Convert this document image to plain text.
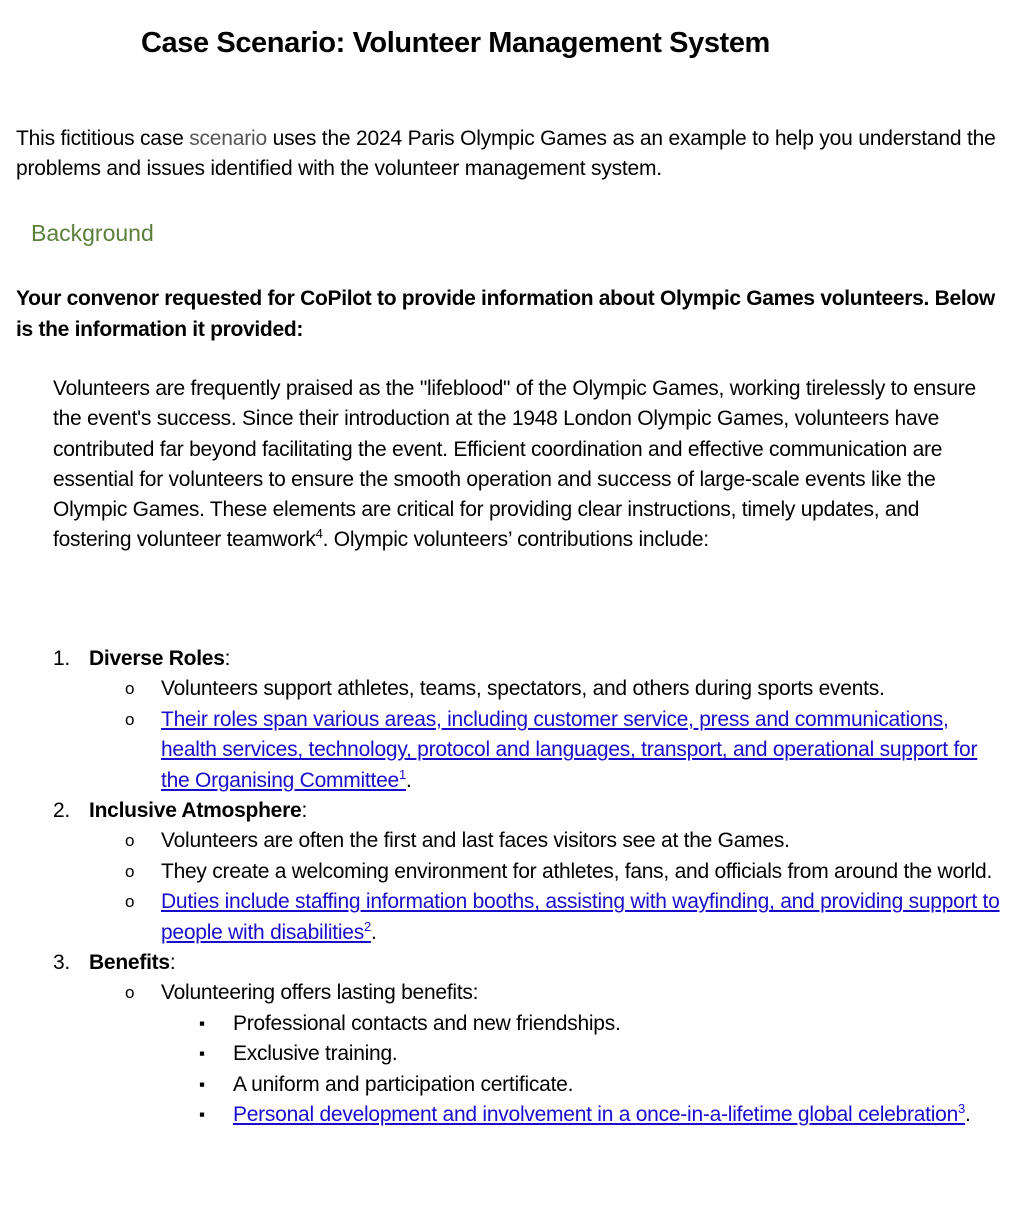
Case Scenario: Volunteer Management System
This fictitious case scenario uses the 2024 Paris Olympic Games as an example to help you understand the problems and issues identified with the volunteer management system.
Background
Your convenor requested for CoPilot to provide information about Olympic Games volunteers. Below is the information it provided:
Volunteers are frequently praised as the "lifeblood" of the Olympic Games, working tirelessly to ensure the event's success. Since their introduction at the 1948 London Olympic Games, volunteers have contributed far beyond facilitating the event. Efficient coordination and effective communication are essential for volunteers to ensure the smooth operation and success of large-scale events like the Olympic Games. These elements are critical for providing clear instructions, timely updates, and fostering volunteer teamwork$^4$. Olympic volunteers’ contributions include:
1. Diverse Roles:
o Volunteers support athletes, teams, spectators, and others during sports events.
o Their roles span various areas, including customer service, press and communications, health services, technology, protocol and languages, transport, and operational support for the Organising Committee$^1$.
2. Inclusive Atmosphere:
o Volunteers are often the first and last faces visitors see at the Games.
o They create a welcoming environment for athletes, fans, and officials from around the world.
o Duties include staffing information booths, assisting with wayfinding, and providing support to people with disabilities$^2$.
3. Benefits:
o Volunteering offers lasting benefits:
▪ Professional contacts and new friendships.
▪ Exclusive training.
▪ A uniform and participation certificate.
▪ Personal development and involvement in a once-in-a-lifetime global celebration$^3$.
